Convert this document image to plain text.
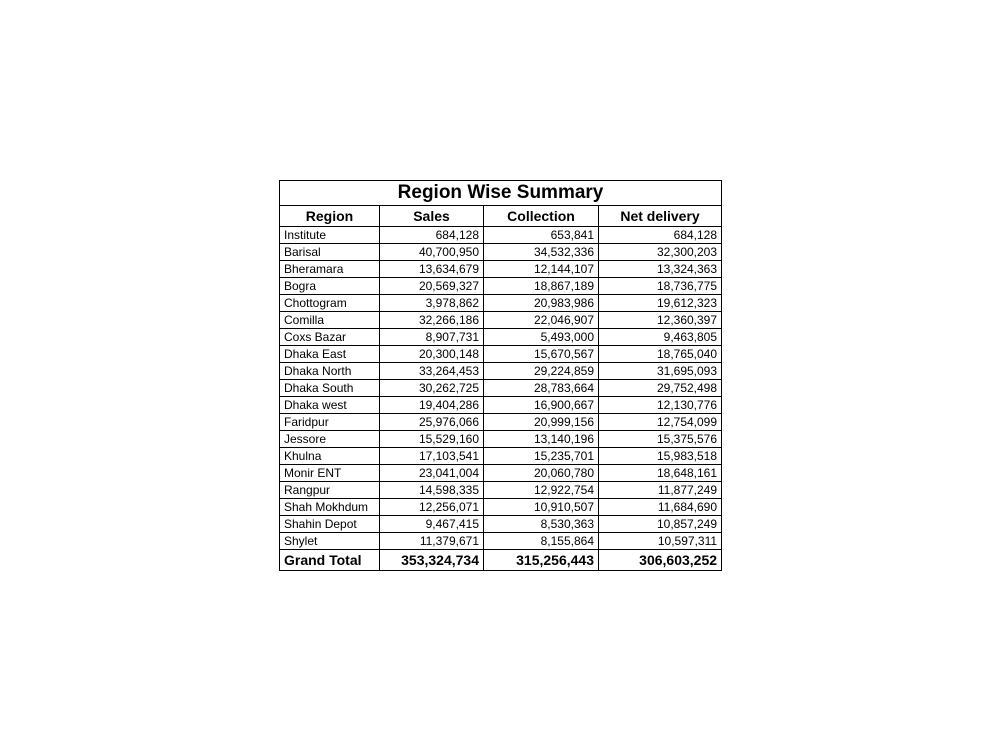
Region Wise Summary			
Region	Sales	Collection	Net delivery
Institute	684,128	653,841	684,128
Barisal	40,700,950	34,532,336	32,300,203
Bheramara	13,634,679	12,144,107	13,324,363
Bogra	20,569,327	18,867,189	18,736,775
Chottogram	3,978,862	20,983,986	19,612,323
Comilla	32,266,186	22,046,907	12,360,397
Coxs Bazar	8,907,731	5,493,000	9,463,805
Dhaka East	20,300,148	15,670,567	18,765,040
Dhaka North	33,264,453	29,224,859	31,695,093
Dhaka South	30,262,725	28,783,664	29,752,498
Dhaka west	19,404,286	16,900,667	12,130,776
Faridpur	25,976,066	20,999,156	12,754,099
Jessore	15,529,160	13,140,196	15,375,576
Khulna	17,103,541	15,235,701	15,983,518
Monir ENT	23,041,004	20,060,780	18,648,161
Rangpur	14,598,335	12,922,754	11,877,249
Shah Mokhdum	12,256,071	10,910,507	11,684,690
Shahin Depot	9,467,415	8,530,363	10,857,249
Shylet	11,379,671	8,155,864	10,597,311
Grand Total	353,324,734	315,256,443	306,603,252
